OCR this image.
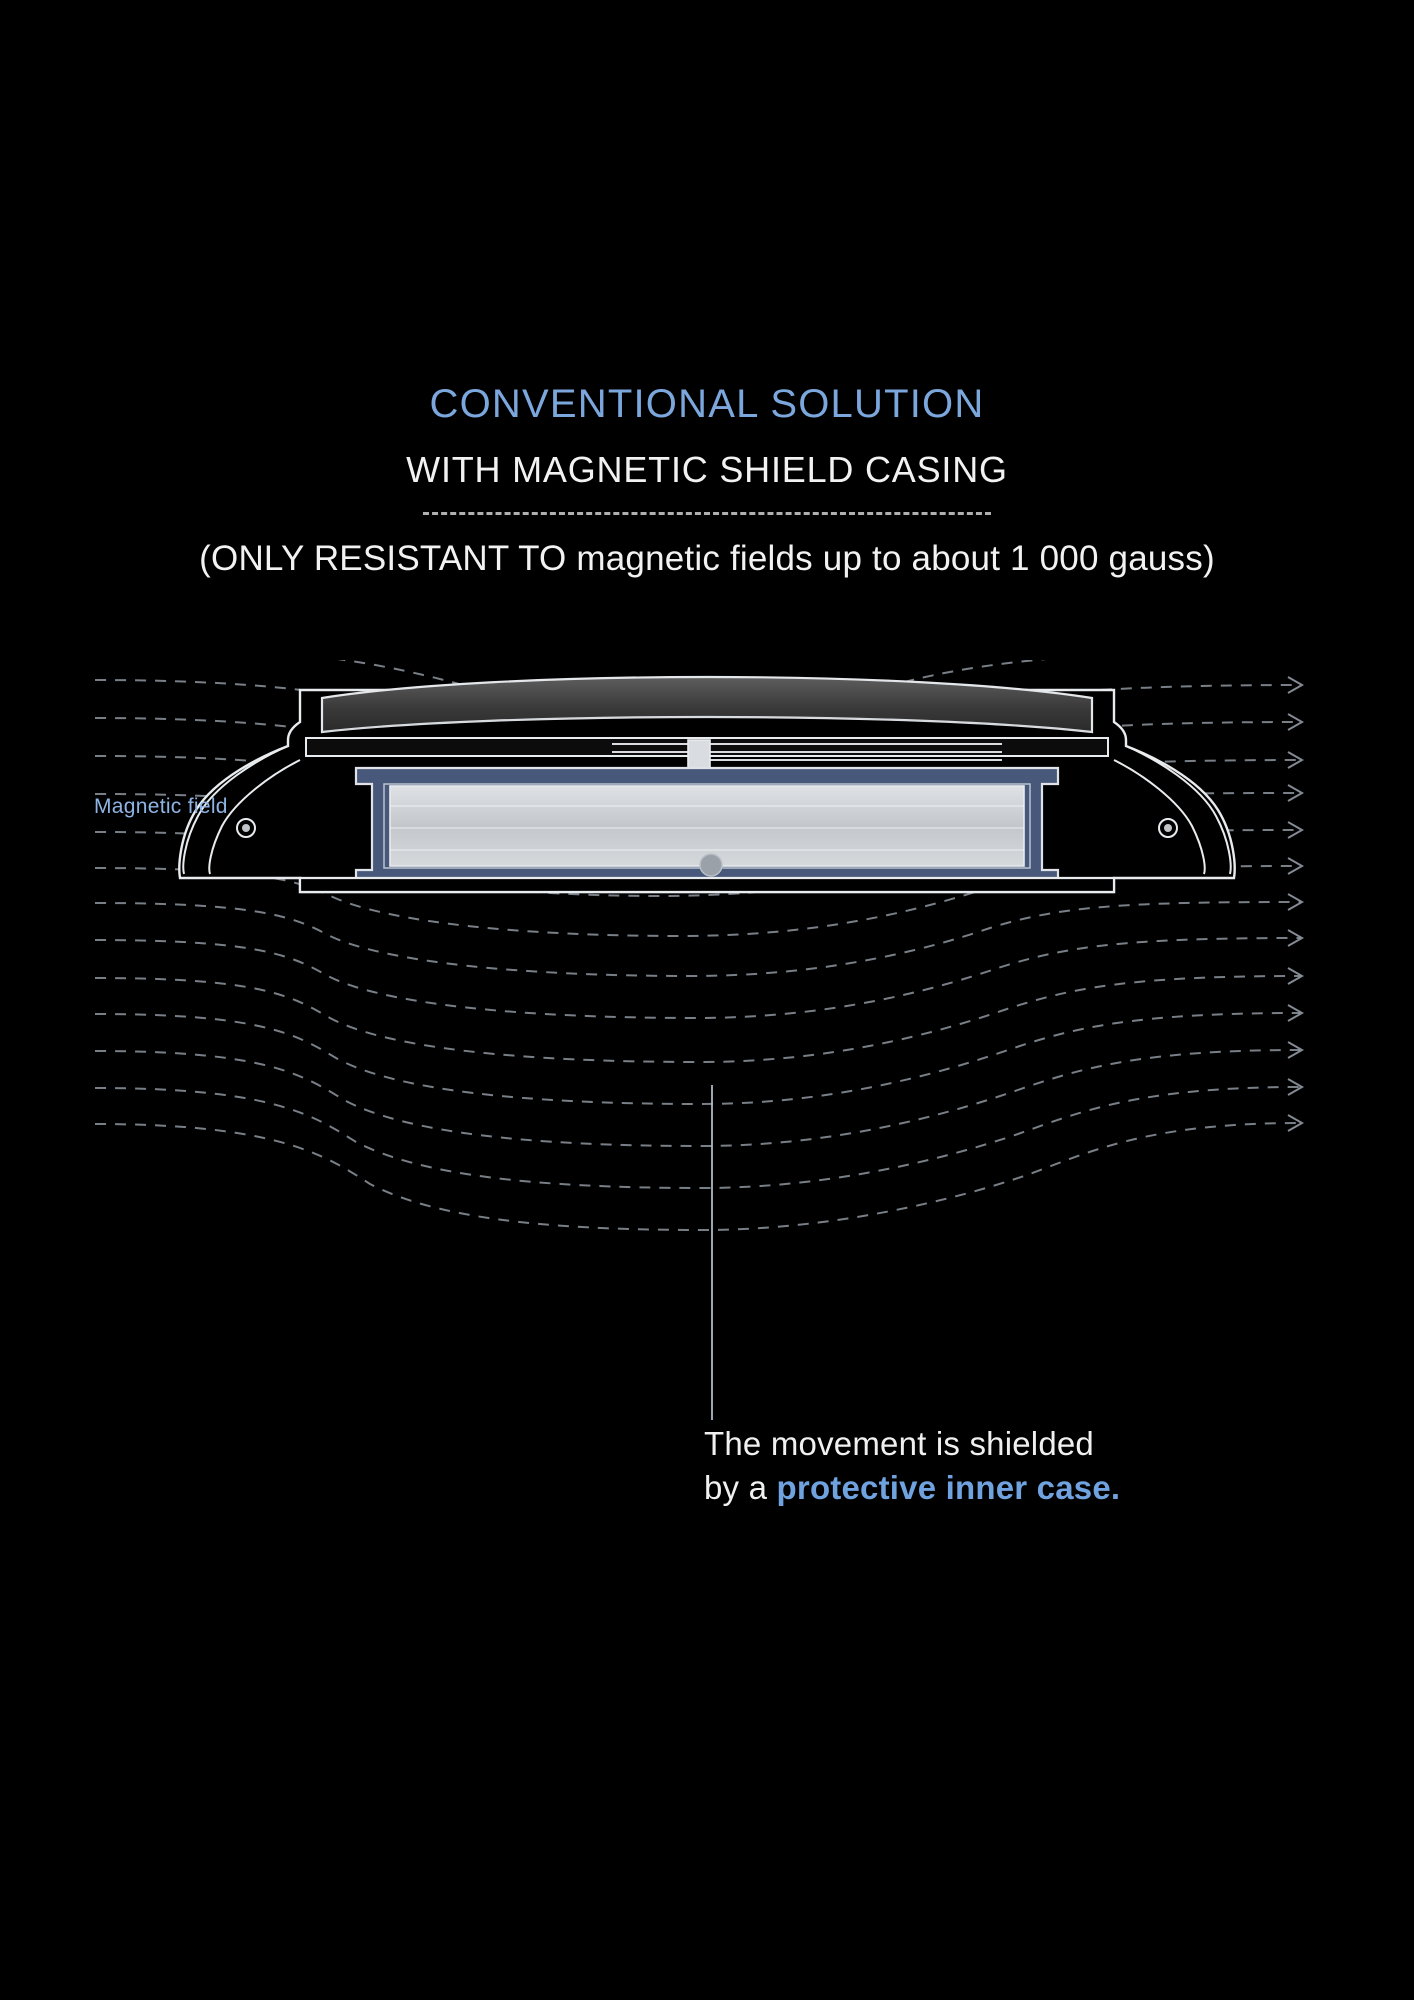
CONVENTIONAL SOLUTION
WITH MAGNETIC SHIELD CASING
(ONLY RESISTANT TO magnetic fields up to about 1 000 gauss)
Magnetic field
The movement is shielded
by a protective inner case.
